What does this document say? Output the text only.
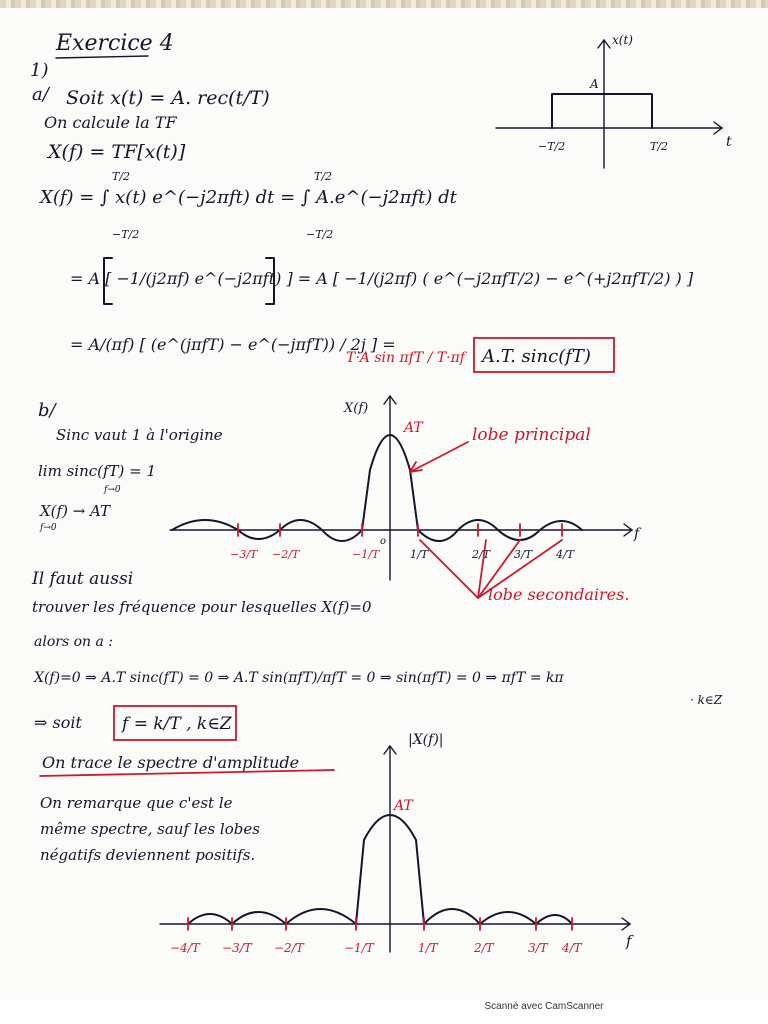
Exercice 4
1)
a/ Soit x(t) = A. rec(t/T)
On calcule la TF
X(f) = TF[x(t)]
T/2	T/2
X(f) = ∫ x(t) e^(−j2πft) dt = ∫ A.e^(−j2πft) dt
−T/2	−T/2
= A [ −1/(j2πf) e^(−j2πft) ] = A [ −1/(j2πf) ( e^(−j2πfT/2) − e^(+j2πfT/2) ) ]
= A/(πf) [ (e^(jπfT) − e^(−jπfT)) / 2j ] =
T·A sin πfT / T·πf A.T. sinc(fT)
x(t)
t
A
−T/2	T/2
b/
Sinc vaut 1 à l'origine
lim sinc(fT) = 1
f→0
X(f) → AT
f→0
X(f)
f
o
AT	lobe principal
lobe secondaires.
−3/T −2/T	−1/T	1/T	2/T 3/T 4/T
Il faut aussi
trouver les fréquence pour lesquelles X(f)=0
alors on a :
X(f)=0 ⇒ A.T sinc(fT) = 0 ⇒ A.T sin(πfT)/πfT = 0 ⇒ sin(πfT) = 0 ⇒ πfT = kπ
· k∈Z
⇒ soit f = k/T , k∈Z
On trace le spectre d'amplitude
On remarque que c'est le
même spectre, sauf les lobes
négatifs deviennent positifs.
|X(f)|
f
AT
−4/T −3/T −2/T	−1/T	1/T	2/T	3/T 4/T
Scanné avec CamScanner
